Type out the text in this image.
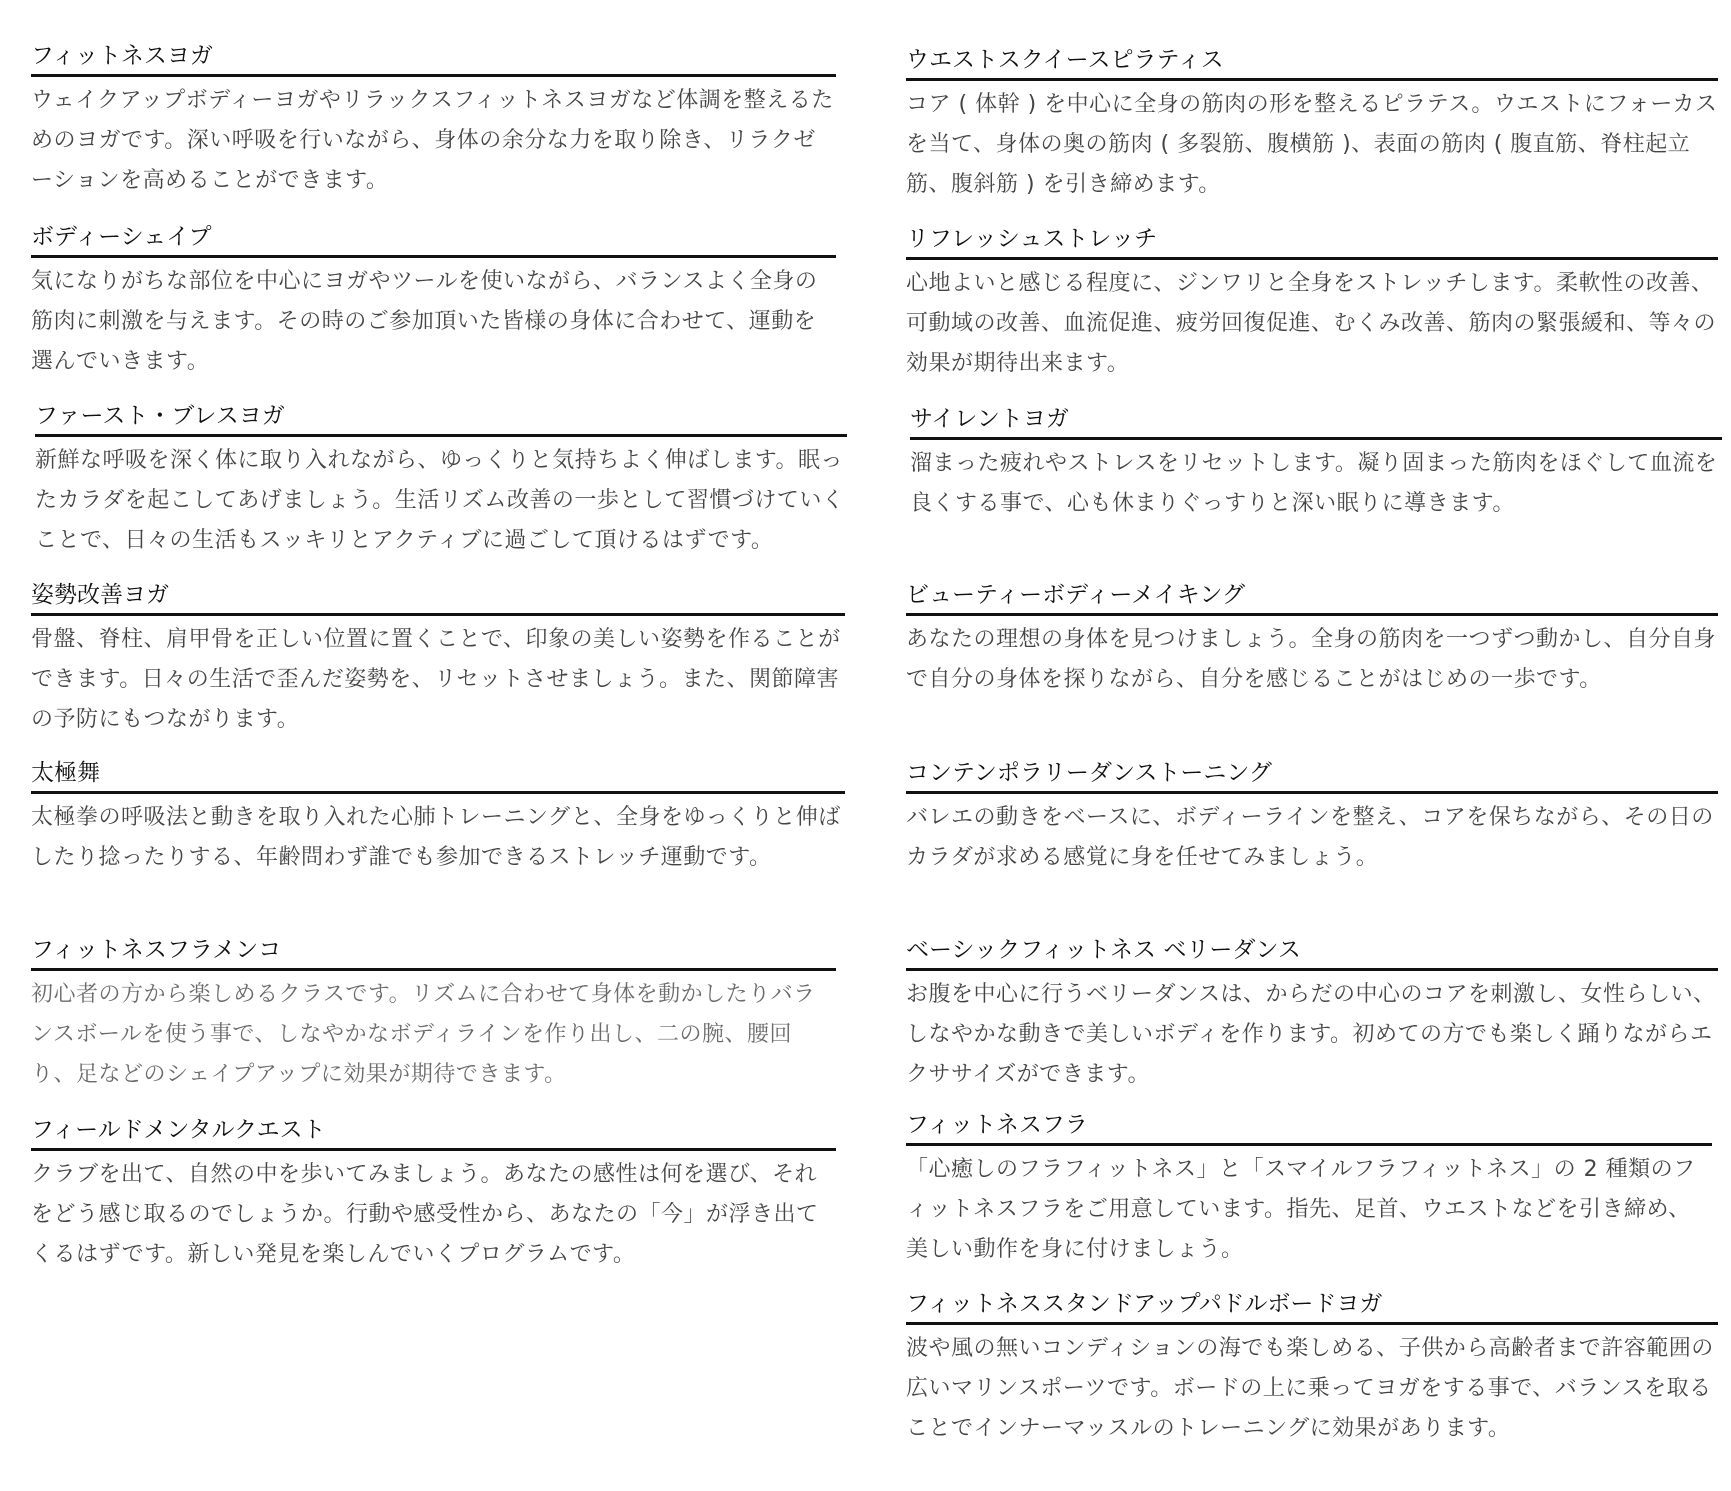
フィットネスヨガ

ウェイクアップボディーヨガやリラックスフィットネスヨガなど体調を整えるためのヨガです。深い呼吸を行いながら、身体の余分な力を取り除き、リラクゼーションを高めることができます。

ボディーシェイプ

気になりがちな部位を中心にヨガやツールを使いながら、バランスよく全身の筋肉に刺激を与えます。その時のご参加頂いた皆様の身体に合わせて、運動を選んでいきます。

ファースト・ブレスヨガ

新鮮な呼吸を深く体に取り入れながら、ゆっくりと気持ちよく伸ばします。眠ったカラダを起こしてあげましょう。生活リズム改善の一歩として習慣づけていくことで、日々の生活もスッキリとアクティブに過ごして頂けるはずです。

姿勢改善ヨガ

骨盤、脊柱、肩甲骨を正しい位置に置くことで、印象の美しい姿勢を作ることができます。日々の生活で歪んだ姿勢を、リセットさせましょう。また、関節障害の予防にもつながります。

太極舞

太極拳の呼吸法と動きを取り入れた心肺トレーニングと、全身をゆっくりと伸ばしたり捻ったりする、年齢問わず誰でも参加できるストレッチ運動です。

フィットネスフラメンコ

初心者の方から楽しめるクラスです。リズムに合わせて身体を動かしたりバランスボールを使う事で、しなやかなボディラインを作り出し、二の腕、腰回り、足などのシェイプアップに効果が期待できます。

フィールドメンタルクエスト

クラブを出て、自然の中を歩いてみましょう。あなたの感性は何を選び、それをどう感じ取るのでしょうか。行動や感受性から、あなたの「今」が浮き出てくるはずです。新しい発見を楽しんでいくプログラムです。

ウエストスクイースピラティス

コア ( 体幹 ) を中心に全身の筋肉の形を整えるピラテス。ウエストにフォーカスを当て、身体の奥の筋肉 ( 多裂筋、腹横筋 )、表面の筋肉 ( 腹直筋、脊柱起立筋、腹斜筋 ) を引き締めます。

リフレッシュストレッチ

心地よいと感じる程度に、ジンワリと全身をストレッチします。柔軟性の改善、可動域の改善、血流促進、疲労回復促進、むくみ改善、筋肉の緊張緩和、等々の効果が期待出来ます。

サイレントヨガ

溜まった疲れやストレスをリセットします。凝り固まった筋肉をほぐして血流を良くする事で、心も休まりぐっすりと深い眠りに導きます。

ビューティーボディーメイキング

あなたの理想の身体を見つけましょう。全身の筋肉を一つずつ動かし、自分自身で自分の身体を探りながら、自分を感じることがはじめの一歩です。

コンテンポラリーダンストーニング

バレエの動きをベースに、ボディーラインを整え、コアを保ちながら、その日のカラダが求める感覚に身を任せてみましょう。

ベーシックフィットネス ベリーダンス

お腹を中心に行うベリーダンスは、からだの中心のコアを刺激し、女性らしい、しなやかな動きで美しいボディを作ります。初めての方でも楽しく踊りながらエクササイズができます。

フィットネスフラ

「心癒しのフラフィットネス」と「スマイルフラフィットネス」の 2 種類のフィットネスフラをご用意しています。指先、足首、ウエストなどを引き締め、美しい動作を身に付けましょう。

フィットネススタンドアップパドルボードヨガ

波や風の無いコンディションの海でも楽しめる、子供から高齢者まで許容範囲の広いマリンスポーツです。ボードの上に乗ってヨガをする事で、バランスを取ることでインナーマッスルのトレーニングに効果があります。
